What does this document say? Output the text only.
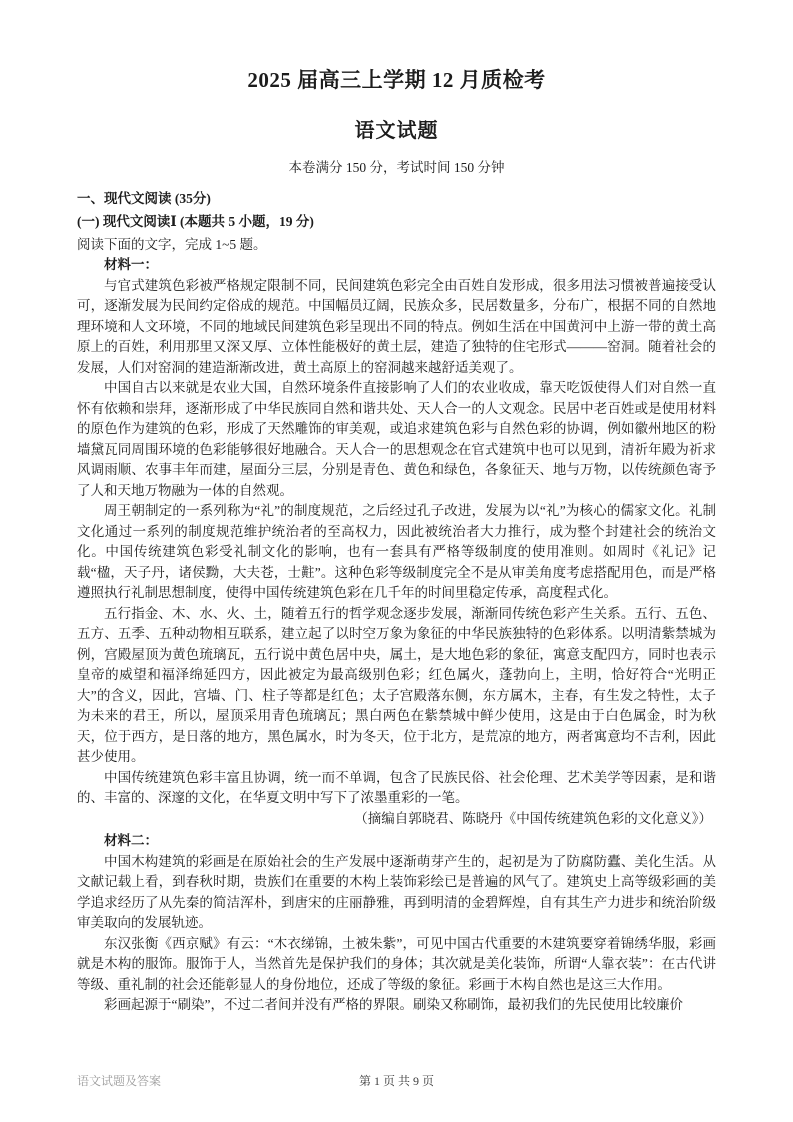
2025 届高三上学期 12 月质检考
语文试题
本卷满分 150 分，考试时间 150 分钟
一、现代文阅读 (35分)
(一) 现代文阅读Ⅰ (本题共 5 小题，19 分)
阅读下面的文字，完成 1~5 题。
材料一：

与官式建筑色彩被严格规定限制不同，民间建筑色彩完全由百姓自发形成，很多用法习惯被普遍接受认可，逐渐发展为民间约定俗成的规范。中国幅员辽阔，民族众多，民居数量多，分布广，根据不同的自然地理环境和人文环境，不同的地域民间建筑色彩呈现出不同的特点。例如生活在中国黄河中上游一带的黄土高原上的百姓，利用那里又深又厚、立体性能极好的黄土层，建造了独特的住宅形式———窑洞。随着社会的发展，人们对窑洞的建造渐渐改进，黄土高原上的窑洞越来越舒适美观了。

中国自古以来就是农业大国，自然环境条件直接影响了人们的农业收成，靠天吃饭使得人们对自然一直怀有依赖和崇拜，逐渐形成了中华民族同自然和谐共处、天人合一的人文观念。民居中老百姓或是使用材料的原色作为建筑的色彩，形成了天然雕饰的审美观，或追求建筑色彩与自然色彩的协调，例如徽州地区的粉墙黛瓦同周围环境的色彩能够很好地融合。天人合一的思想观念在官式建筑中也可以见到，清祈年殿为祈求风调雨顺、农事丰年而建，屋面分三层，分别是青色、黄色和绿色，各象征天、地与万物，以传统颜色寄予了人和天地万物融为一体的自然观。

周王朝制定的一系列称为“礼”的制度规范，之后经过孔子改进，发展为以“礼”为核心的儒家文化。礼制文化通过一系列的制度规范维护统治者的至高权力，因此被统治者大力推行，成为整个封建社会的统治文化。中国传统建筑色彩受礼制文化的影响，也有一套具有严格等级制度的使用准则。如周时《礼记》记载“楹，天子丹，诸侯黝，大夫苍，士黈”。这种色彩等级制度完全不是从审美角度考虑搭配用色，而是严格遵照执行礼制思想制度，使得中国传统建筑色彩在几千年的时间里稳定传承，高度程式化。

五行指金、木、水、火、土，随着五行的哲学观念逐步发展，渐渐同传统色彩产生关系。五行、五色、五方、五季、五种动物相互联系，建立起了以时空万象为象征的中华民族独特的色彩体系。以明清紫禁城为例，宫殿屋顶为黄色琉璃瓦，五行说中黄色居中央，属土，是大地色彩的象征，寓意支配四方，同时也表示皇帝的威望和福泽绵延四方，因此被定为最高级别色彩；红色属火，蓬勃向上，主明，恰好符合“光明正大”的含义，因此，宫墙、门、柱子等都是红色；太子宫殿落东侧，东方属木，主春，有生发之特性，太子为未来的君王，所以，屋顶采用青色琉璃瓦；黑白两色在紫禁城中鲜少使用，这是由于白色属金，时为秋天，位于西方，是日落的地方，黑色属水，时为冬天，位于北方，是荒凉的地方，两者寓意均不吉利，因此甚少使用。

中国传统建筑色彩丰富且协调，统一而不单调，包含了民族民俗、社会伦理、艺术美学等因素，是和谐的、丰富的、深邃的文化，在华夏文明中写下了浓墨重彩的一笔。

（摘编自郭晓君、陈晓丹《中国传统建筑色彩的文化意义》）
材料二：

中国木构建筑的彩画是在原始社会的生产发展中逐渐萌芽产生的，起初是为了防腐防蠹、美化生活。从文献记载上看，到春秋时期，贵族们在重要的木构上装饰彩绘已是普遍的风气了。建筑史上高等级彩画的美学追求经历了从先秦的简洁浑朴，到唐宋的庄丽静雅，再到明清的金碧辉煌，自有其生产力进步和统治阶级审美取向的发展轨迹。

东汉张衡《西京赋》有云：“木衣绨锦，土被朱紫”，可见中国古代重要的木建筑要穿着锦绣华服，彩画就是木构的服饰。服饰于人，当然首先是保护我们的身体；其次就是美化装饰，所谓“人靠衣装”：在古代讲等级、重礼制的社会还能彰显人的身份地位，还成了等级的象征。彩画于木构自然也是这三大作用。

彩画起源于“刷染”，不过二者间并没有严格的界限。刷染又称刷饰，最初我们的先民使用比较廉价

语文试题及答案	第 1 页 共 9 页
